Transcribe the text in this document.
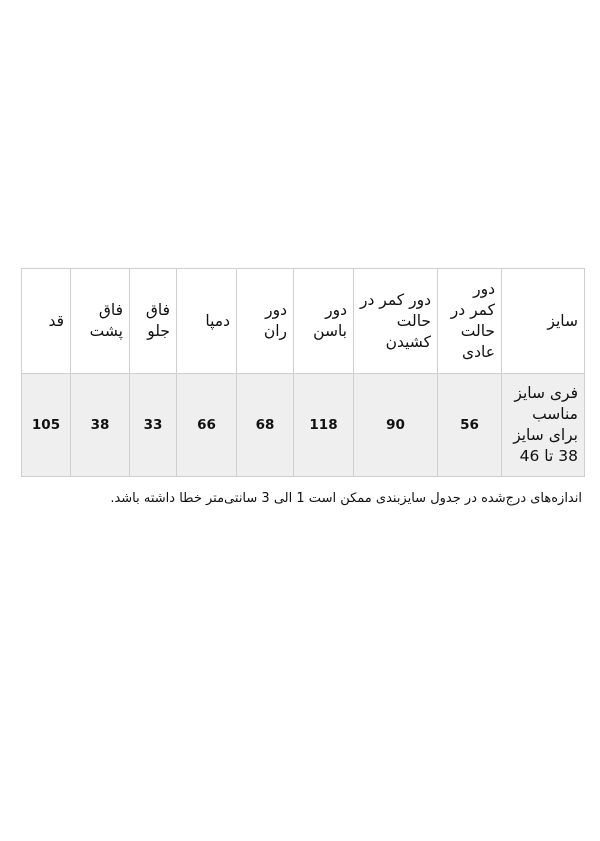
سایز	دور کمر در حالت عادی	دور کمر در حالت کشیدن	دور باسن	دور ران	دمپا	فاق جلو	فاق پشت	قد
فری سایز مناسب برای سایز 38 تا 46	56	90	118	68	66	33	38	105
اندازه‌های درج‌شده در جدول سایزبندی ممکن است 1 الی 3 سانتی‌متر خطا داشته باشد.
